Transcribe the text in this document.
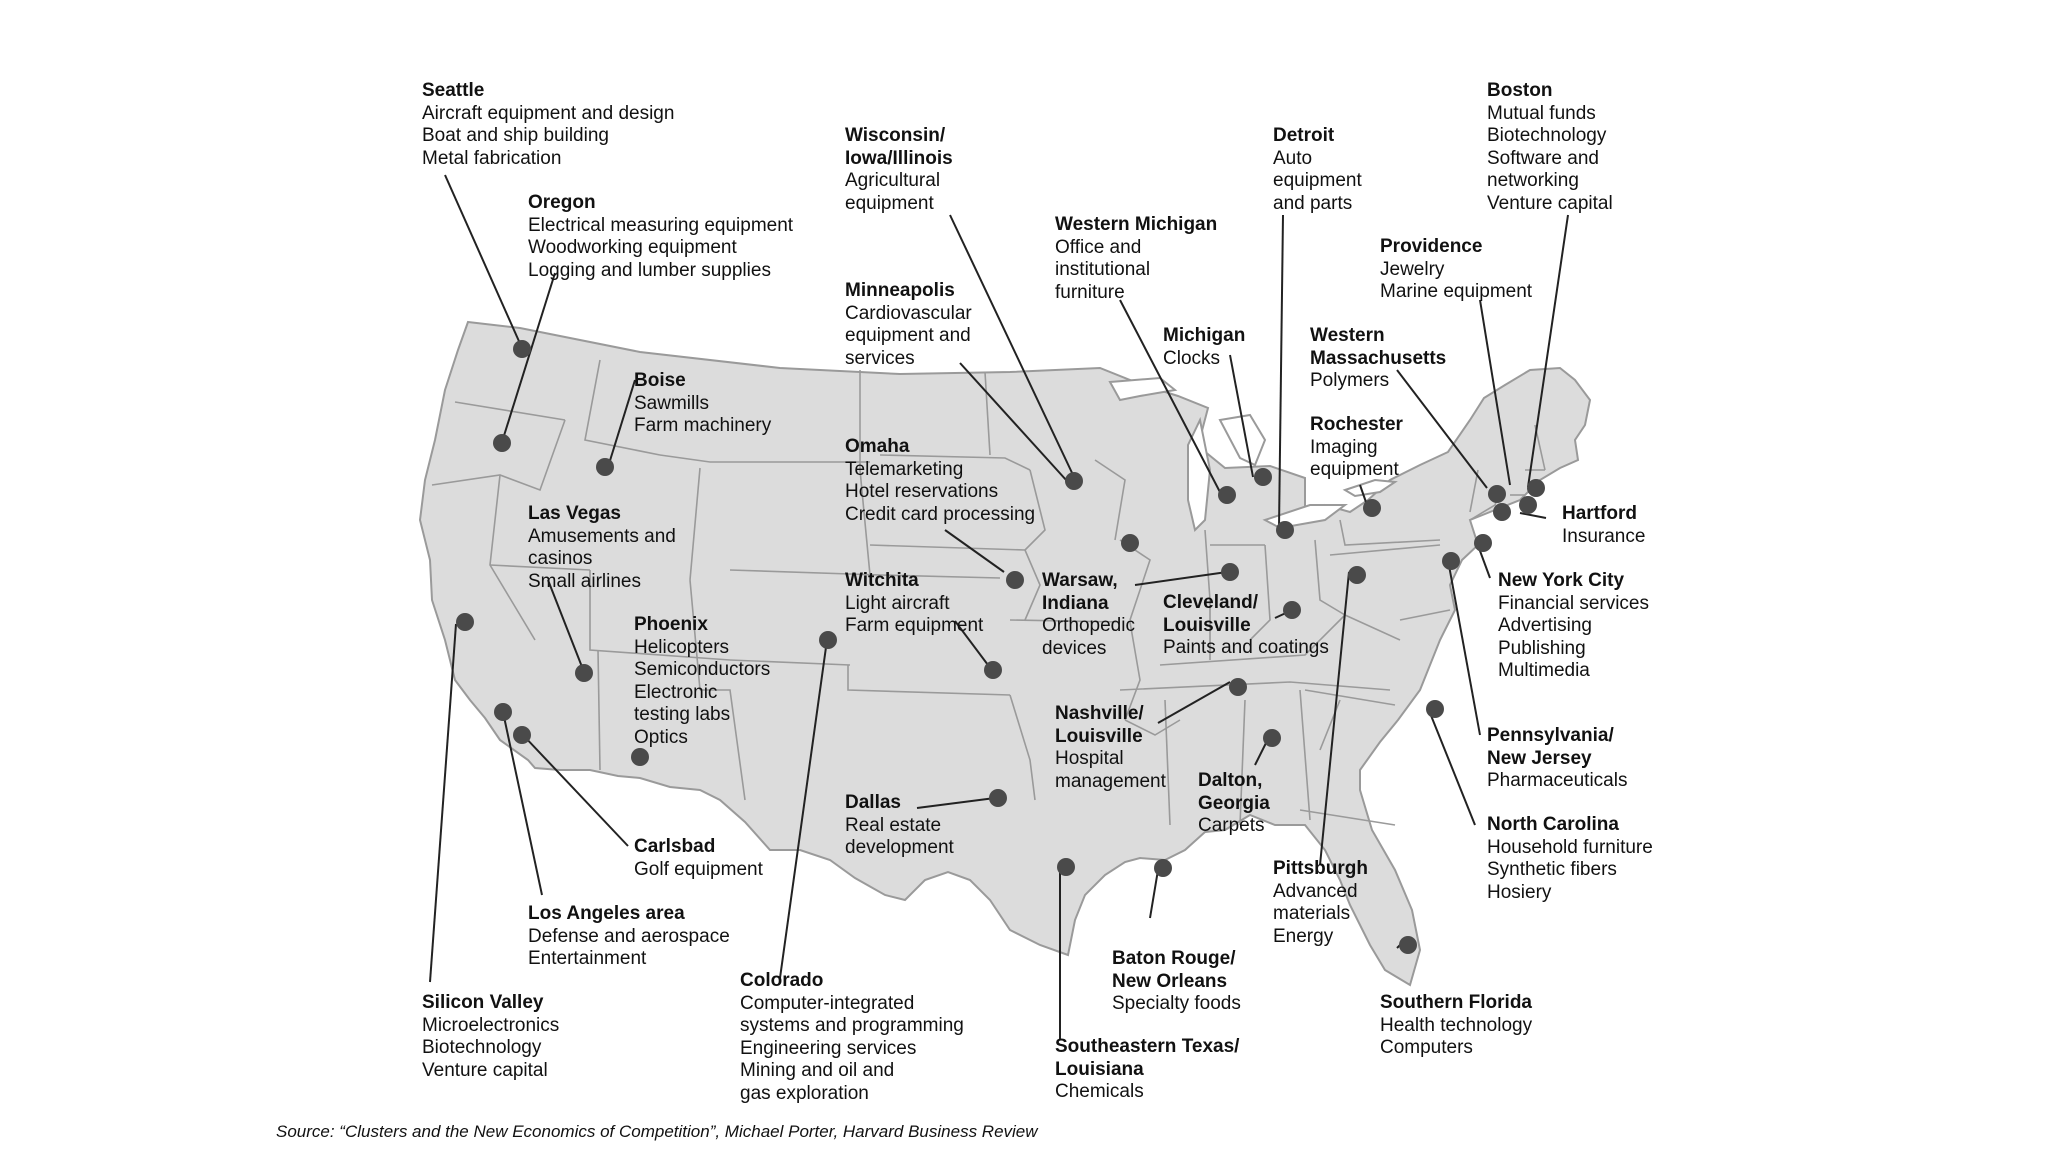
Seattle
Aircraft equipment and design
Boat and ship building
Metal fabrication
Oregon
Electrical measuring equipment
Woodworking equipment
Logging and lumber supplies
Boise
Sawmills
Farm machinery
Las Vegas
Amusements and
casinos
Small airlines
Phoenix
Helicopters
Semiconductors
Electronic
testing labs
Optics
Carlsbad
Golf equipment
Los Angeles area
Defense and aerospace
Entertainment
Silicon Valley
Microelectronics
Biotechnology
Venture capital
Colorado
Computer-integrated
systems and programming
Engineering services
Mining and oil and
gas exploration
Wisconsin/
Iowa/Illinois
Agricultural
equipment
Minneapolis
Cardiovascular
equipment and
services
Omaha
Telemarketing
Hotel reservations
Credit card processing
Witchita
Light aircraft
Farm equipment
Dallas
Real estate
development
Western Michigan
Office and
institutional
furniture
Michigan
Clocks
Warsaw,
Indiana
Orthopedic
devices
Cleveland/
Louisville
Paints and coatings
Nashville/
Louisville
Hospital
management Dalton,
Georgia
Carpets
Baton Rouge/
New Orleans
Specialty foods
Southeastern Texas/
Louisiana
Chemicals
Detroit
Auto
equipment
and parts
Pittsburgh
Advanced
materials
Energy
Rochester
Imaging
equipment
Western
Massachusetts
Polymers
Providence
Jewelry
Marine equipment
Boston
Mutual funds
Biotechnology
Software and
networking
Venture capital
Hartford
Insurance
New York City
Financial services
Advertising
Publishing
Multimedia
Pennsylvania/
New Jersey
Pharmaceuticals
North Carolina
Household furniture
Synthetic fibers
Hosiery
Southern Florida
Health technology
Computers
Source: “Clusters and the New Economics of Competition”, Michael Porter, Harvard Business Review
